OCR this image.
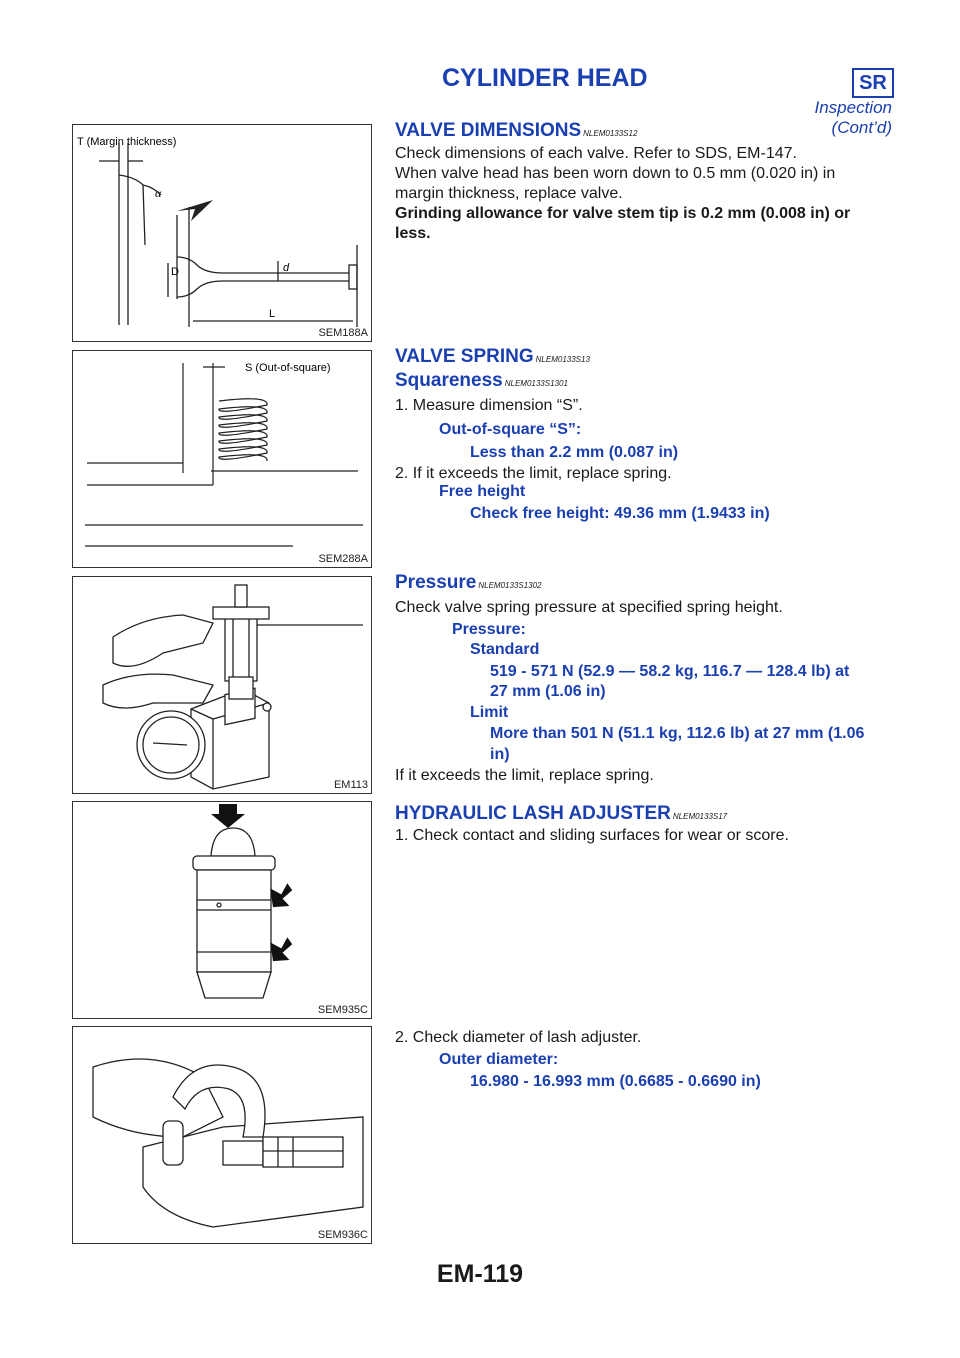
CYLINDER HEAD	SR
Inspection (Cont’d)
T (Margin thickness)
α
D	d
L
SEM188A
VALVE DIMENSIONS NLEM0133S12
Check dimensions of each valve. Refer to SDS, EM-147.
When valve head has been worn down to 0.5 mm (0.020 in) in
margin thickness, replace valve.
Grinding allowance for valve stem tip is 0.2 mm (0.008 in) or
less.
S (Out-of-square)
SEM288A
VALVE SPRING NLEM0133S13
Squareness NLEM0133S1301
1. Measure dimension “S”.
Out-of-square “S”:
Less than 2.2 mm (0.087 in)
2. If it exceeds the limit, replace spring.
Free height
Check free height: 49.36 mm (1.9433 in)
EM113
Pressure NLEM0133S1302
Check valve spring pressure at specified spring height.
Pressure:
Standard
519 - 571 N (52.9 — 58.2 kg, 116.7 — 128.4 lb) at
27 mm (1.06 in)
Limit
More than 501 N (51.1 kg, 112.6 lb) at 27 mm (1.06
in)
If it exceeds the limit, replace spring.
SEM935C
HYDRAULIC LASH ADJUSTER NLEM0133S17
1. Check contact and sliding surfaces for wear or score.
SEM936C
2. Check diameter of lash adjuster.
Outer diameter:
16.980 - 16.993 mm (0.6685 - 0.6690 in)
EM-119
